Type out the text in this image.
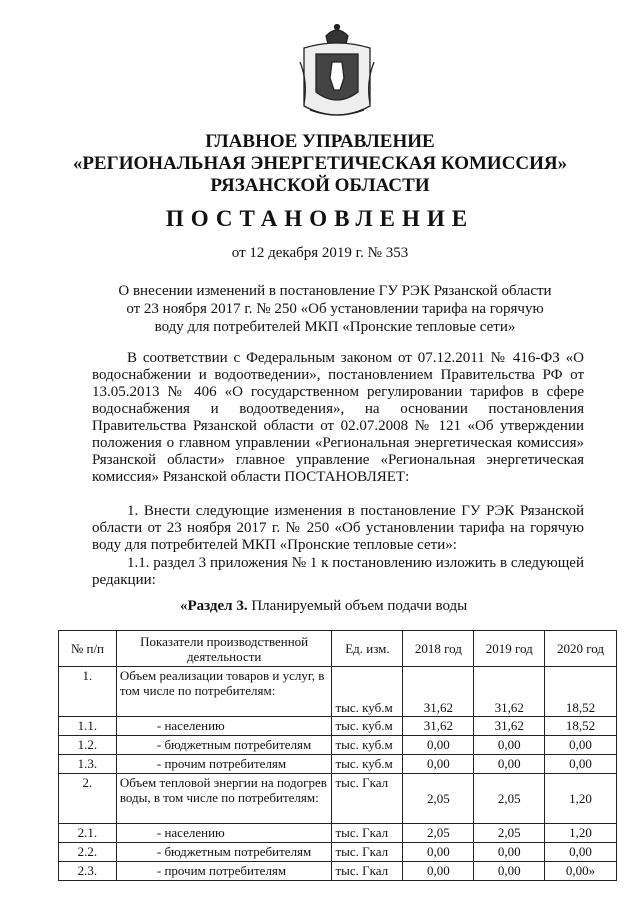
ГЛАВНОЕ УПРАВЛЕНИЕ
«РЕГИОНАЛЬНАЯ ЭНЕРГЕТИЧЕСКАЯ КОМИССИЯ»
РЯЗАНСКОЙ ОБЛАСТИ
ПОСТАНОВЛЕНИЕ
от 12 декабря 2019 г. № 353
О внесении изменений в постановление ГУ РЭК Рязанской области от 23 ноября 2017 г. № 250 «Об установлении тарифа на горячую воду для потребителей МКП «Пронские тепловые сети»
В соответствии с Федеральным законом от 07.12.2011 № 416-ФЗ «О водоснабжении и водоотведении», постановлением Правительства РФ от 13.05.2013 № 406 «О государственном регулировании тарифов в сфере водоснабжения и водоотведения», на основании постановления Правительства Рязанской области от 02.07.2008 № 121 «Об утверждении положения о главном управлении «Региональная энергетическая комиссия» Рязанской области» главное управление «Региональная энергетическая комиссия» Рязанской области ПОСТАНОВЛЯЕТ:
1. Внести следующие изменения в постановление ГУ РЭК Рязанской области от 23 ноября 2017 г. № 250 «Об установлении тарифа на горячую воду для потребителей МКП «Пронские тепловые сети»:
1.1. раздел 3 приложения № 1 к постановлению изложить в следующей редакции:
«Раздел 3. Планируемый объем подачи воды
№ п/п	Показатели производственной деятельности	Ед. изм.	2018 год	2019 год	2020 год
1.	Объем реализации товаров и услуг, в том числе по потребителям:	тыс. куб.м	31,62	31,62	18,52
1.1.	- населению	тыс. куб.м	31,62	31,62	18,52
1.2.	- бюджетным потребителям	тыс. куб.м	0,00	0,00	0,00
1.3.	- прочим потребителям	тыс. куб.м	0,00	0,00	0,00
2.	Объем тепловой энергии на подогрев воды, в том числе по потребителям:	тыс. Гкал	2,05	2,05	1,20
2.1.	- населению	тыс. Гкал	2,05	2,05	1,20
2.2.	- бюджетным потребителям	тыс. Гкал	0,00	0,00	0,00
2.3.	- прочим потребителям	тыс. Гкал	0,00	0,00	0,00»
